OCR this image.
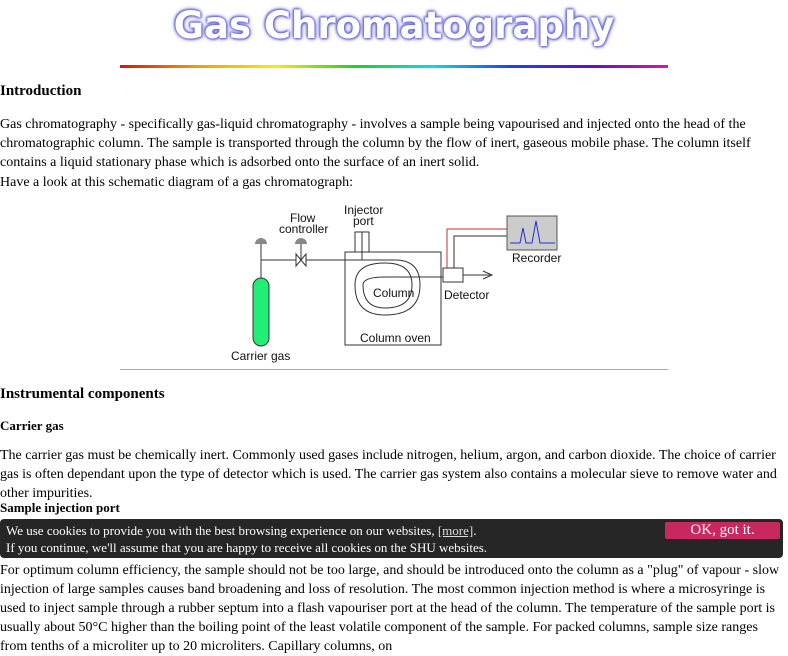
Gas Chromatography
Introduction

Gas chromatography - specifically gas-liquid chromatography - involves a sample being vapourised and injected onto the head of the chromatographic column. The sample is transported through the column by the flow of inert, gaseous mobile phase. The column itself contains a liquid stationary phase which is adsorbed onto the surface of an inert solid.

Have a look at this schematic diagram of a gas chromatograph:

Flow
controller
Injector
port
Recorder
Column Detector
Column oven
Carrier gas
Instrumental components
Carrier gas

The carrier gas must be chemically inert. Commonly used gases include nitrogen, helium, argon, and carbon dioxide. The choice of carrier gas is often dependant upon the type of detector which is used. The carrier gas system also contains a molecular sieve to remove water and other impurities.

Sample injection port
We use cookies to provide you with the best browsing experience on our websites, [more].
If you continue, we'll assume that you are happy to receive all cookies on the SHU websites.
OK, got it.

For optimum column efficiency, the sample should not be too large, and should be introduced onto the column as a "plug" of vapour - slow injection of large samples causes band broadening and loss of resolution. The most common injection method is where a microsyringe is used to inject sample through a rubber septum into a flash vapouriser port at the head of the column. The temperature of the sample port is usually about 50°C higher than the boiling point of the least volatile component of the sample. For packed columns, sample size ranges from tenths of a microliter up to 20 microliters. Capillary columns, on
